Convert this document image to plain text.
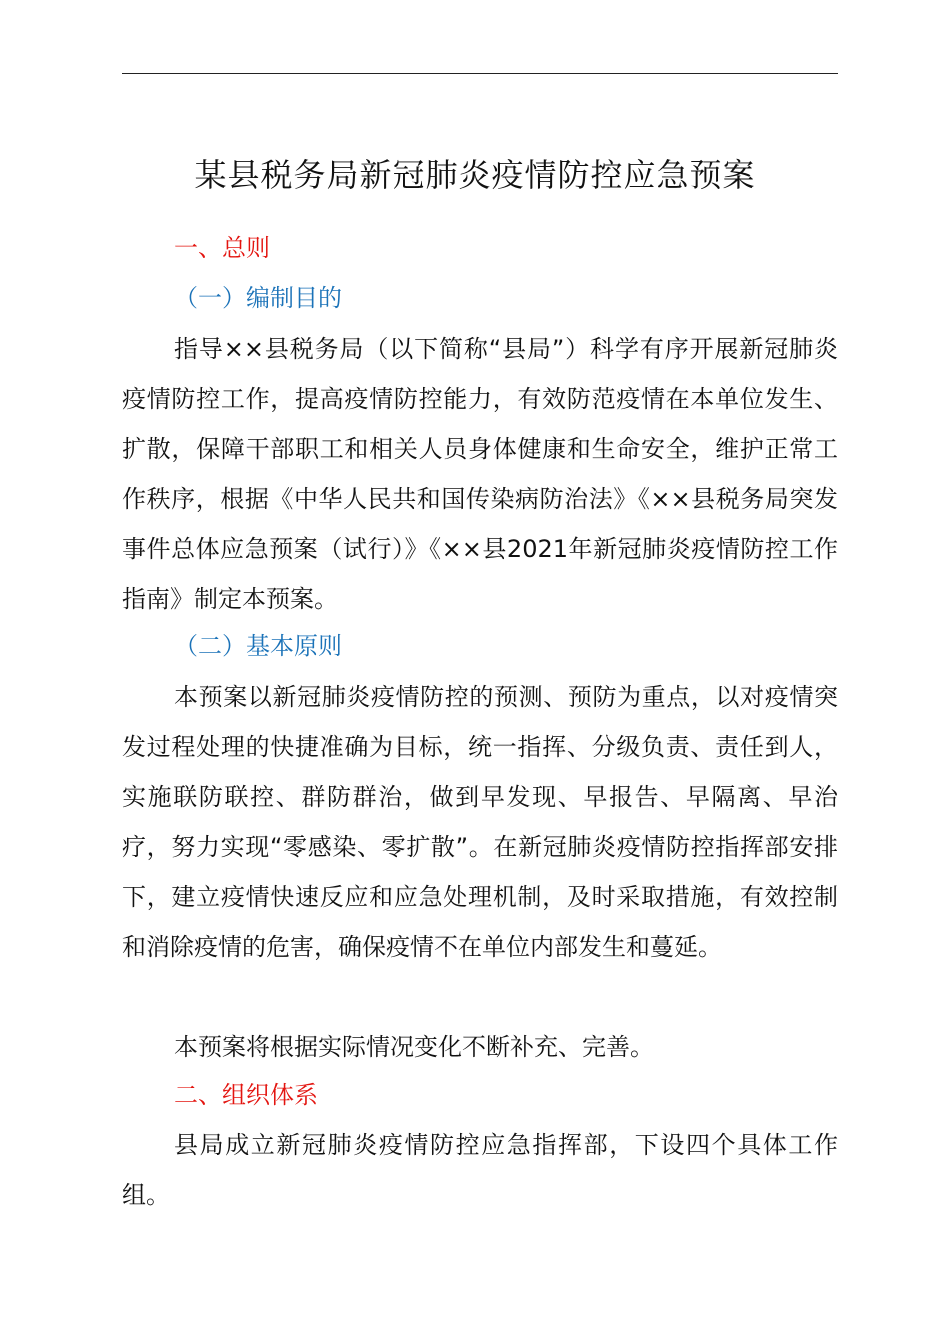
某县税务局新冠肺炎疫情防控应急预案
一、总则
（一）编制目的

指导××县税务局（以下简称“县局”）科学有序开展新冠肺炎疫情防控工作，提高疫情防控能力，有效防范疫情在本单位发生、扩散，保障干部职工和相关人员身体健康和生命安全，维护正常工作秩序，根据《中华人民共和国传染病防治法》《××县税务局突发事件总体应急预案（试行）》《××县2021年新冠肺炎疫情防控工作指南》制定本预案。

（二）基本原则

本预案以新冠肺炎疫情防控的预测、预防为重点，以对疫情突发过程处理的快捷准确为目标，统一指挥、分级负责、责任到人，实施联防联控、群防群治，做到早发现、早报告、早隔离、早治疗，努力实现“零感染、零扩散”。在新冠肺炎疫情防控指挥部安排下，建立疫情快速反应和应急处理机制，及时采取措施，有效控制和消除疫情的危害，确保疫情不在单位内部发生和蔓延。

本预案将根据实际情况变化不断补充、完善。

二、组织体系

县局成立新冠肺炎疫情防控应急指挥部，下设四个具体工作组。
